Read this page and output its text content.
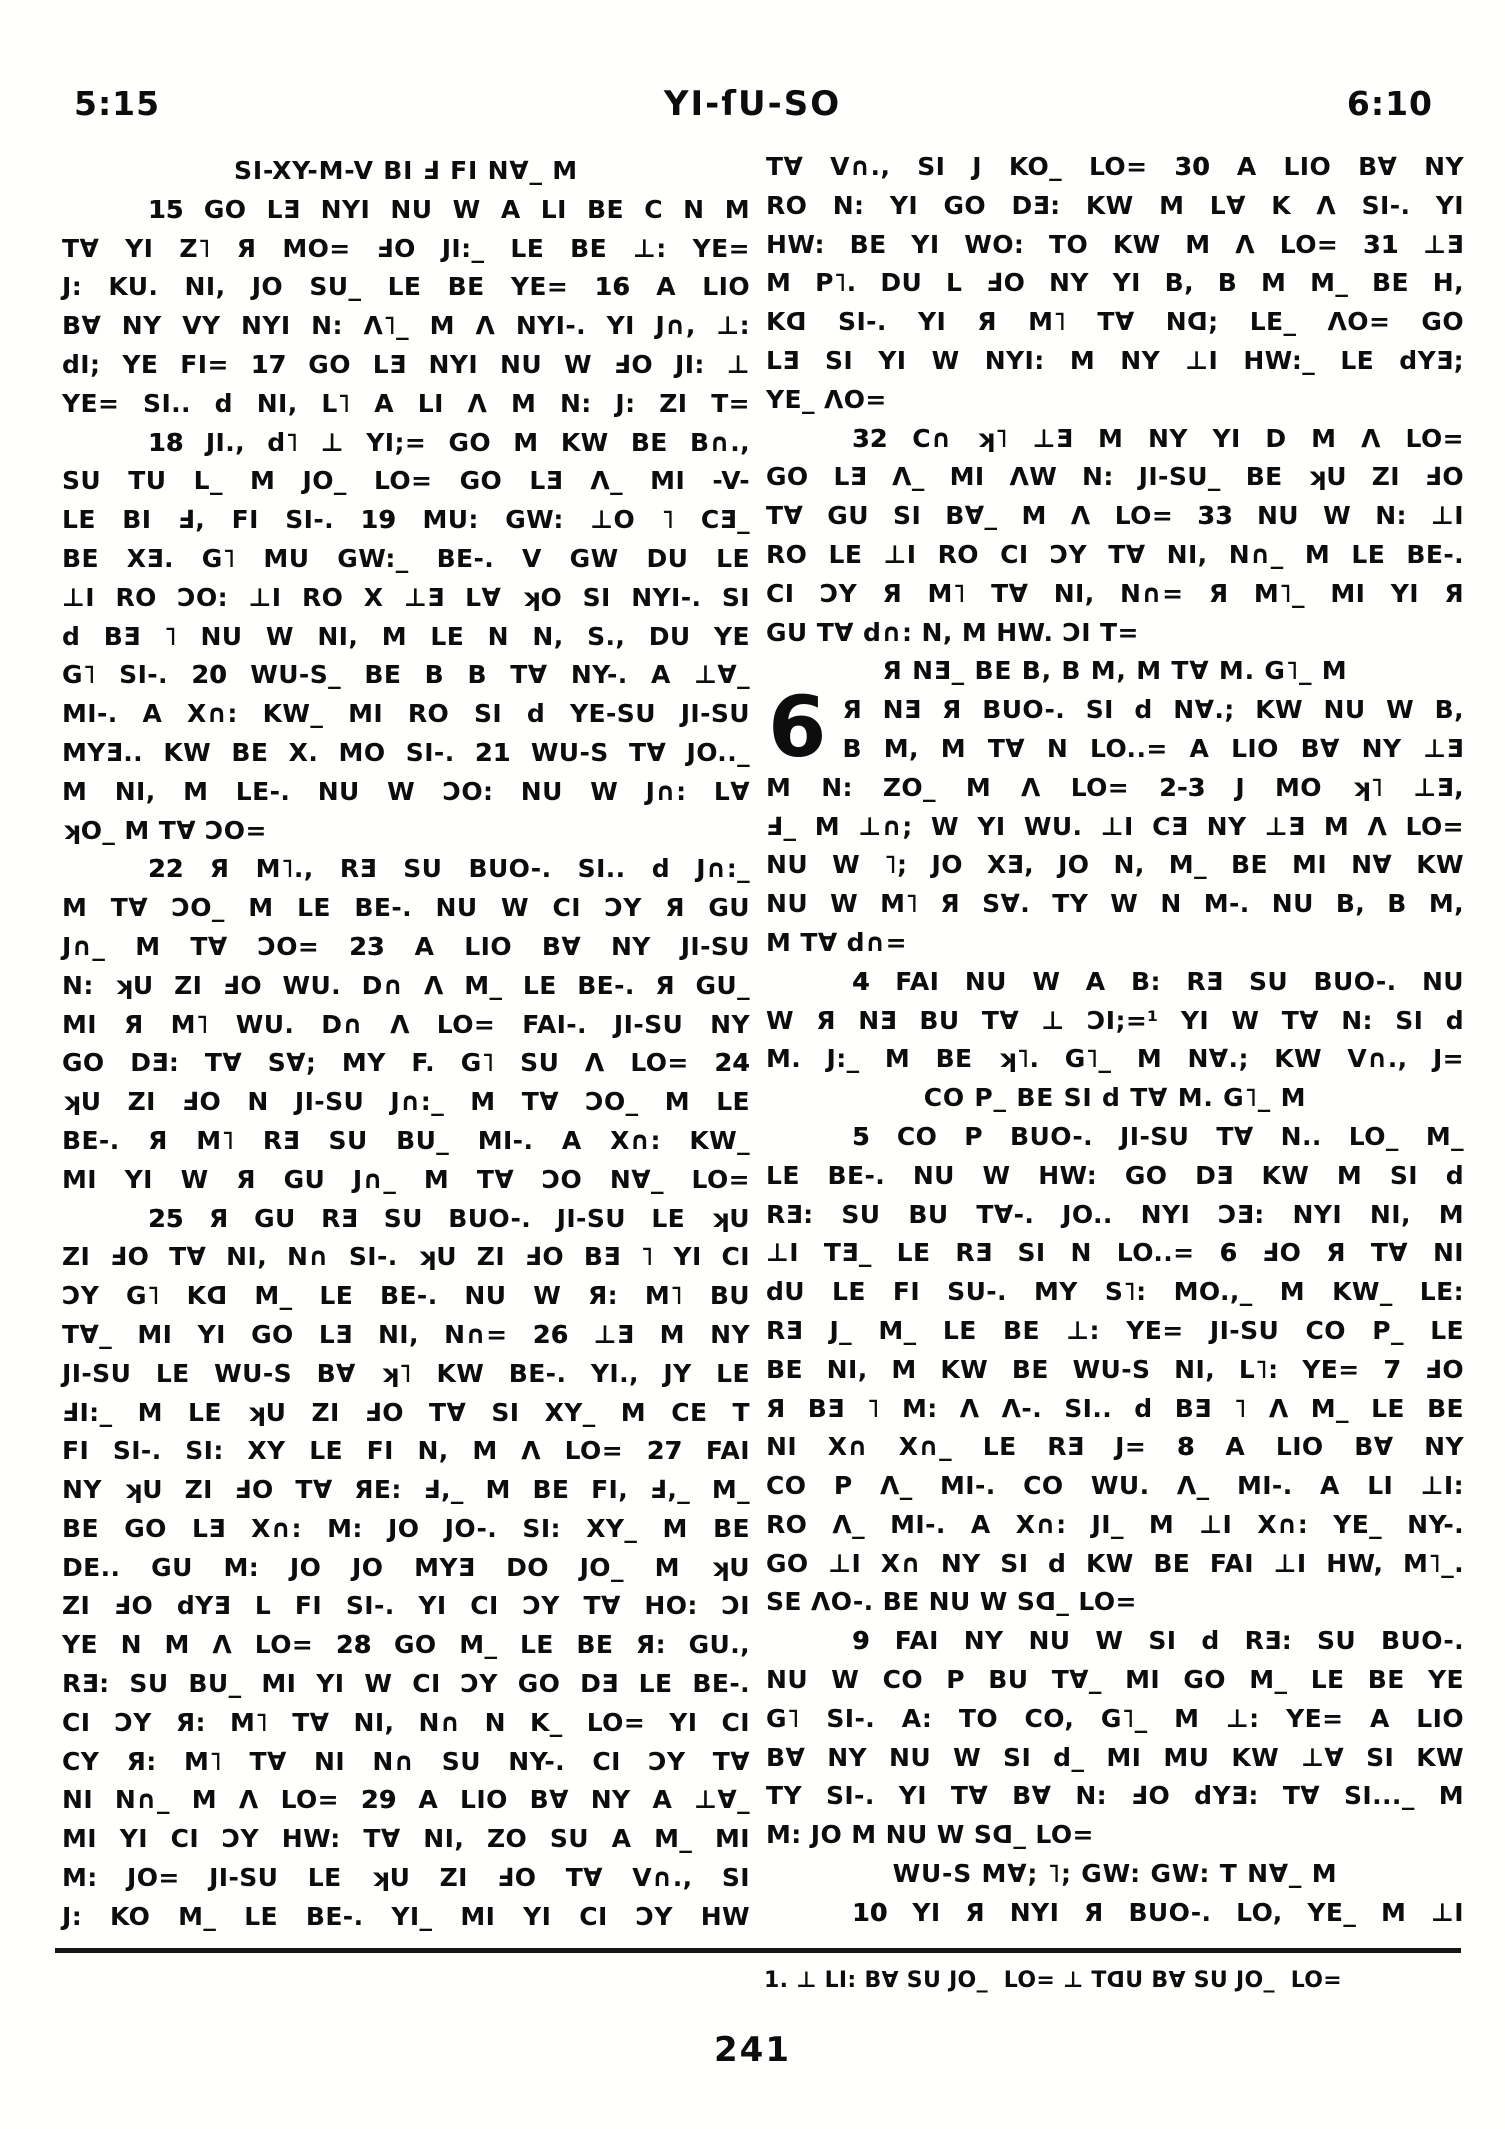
5:15	YI-ſU-SO	6:10
SI-XY-M-V BI Ⅎ FI N∀_ M
15 GO LƎ NYI NU W A LI BE C N M
T∀ YI Z˥ Я MO= ℲO JI:_ LE BE ⊥: YE=
J: KU. NI, JO SU_ LE BE YE= 16 A LIO
B∀ NY VY NYI N: Λ˥_ M Λ NYI-. YI J∩, ⊥:
dI; YE FI= 17 GO LƎ NYI NU W ℲO JI: ⊥
YE= SI.. d NI, L˥ A LI Λ M N: J: ZI T=
18 JI., d˥ ⊥ YI;= GO M KW BE B∩.,
SU TU L_ M JO_ LO= GO LƎ Λ_ MI -V-
LE BI Ⅎ, FI SI-. 19 MU: GW: ⊥O ˥ CƎ_
BE XƎ. G˥ MU GW:_ BE-. V GW DU LE
⊥I RO ƆO: ⊥I RO X ⊥Ǝ L∀ ʞO SI NYI-. SI
d BƎ ˥ NU W NI, M LE N N, S., DU YE
G˥ SI-. 20 WU-S_ BE B B T∀ NY-. A ⊥∀_
MI-. A X∩: KW_ MI RO SI d YE-SU JI-SU
MYƎ.. KW BE X. MO SI-. 21 WU-S T∀ JO.._
M NI, M LE-. NU W ƆO: NU W J∩: L∀
ʞO_ M T∀ ƆO=
22 Я M˥., RƎ SU BUO-. SI.. d J∩:_
M T∀ ƆO_ M LE BE-. NU W CI ƆY Я GU
J∩_ M T∀ ƆO= 23 A LIO B∀ NY JI-SU
N: ʞU ZI ℲO WU. D∩ Λ M_ LE BE-. Я GU_
MI Я M˥ WU. D∩ Λ LO= FAI-. JI-SU NY
GO DƎ: T∀ S∀; MY F. G˥ SU Λ LO= 24
ʞU ZI ℲO N JI-SU J∩:_ M T∀ ƆO_ M LE
BE-. Я M˥ RƎ SU BU_ MI-. A X∩: KW_
MI YI W Я GU J∩_ M T∀ ƆO N∀_ LO=
25 Я GU RƎ SU BUO-. JI-SU LE ʞU
ZI ℲO T∀ NI, N∩ SI-. ʞU ZI ℲO BƎ ˥ YI CI
ƆY G˥ Kᗡ M_ LE BE-. NU W Я: M˥ BU
T∀_ MI YI GO LƎ NI, N∩= 26 ⊥Ǝ M NY
JI-SU LE WU-S B∀ ʞ˥ KW BE-. YI., JY LE
ℲI:_ M LE ʞU ZI ℲO T∀ SI XY_ M CE T
FI SI-. SI: XY LE FI N, M Λ LO= 27 FAI
NY ʞU ZI ℲO T∀ ЯE: Ⅎ,_ M BE FI, Ⅎ,_ M_
BE GO LƎ X∩: M: JO JO-. SI: XY_ M BE
DE.. GU M: JO JO MYƎ DO JO_ M ʞU
ZI ℲO dYƎ L FI SI-. YI CI ƆY T∀ HO: ƆI
YE N M Λ LO= 28 GO M_ LE BE Я: GU.,
RƎ: SU BU_ MI YI W CI ƆY GO DƎ LE BE-.
CI ƆY Я: M˥ T∀ NI, N∩ N K_ LO= YI CI
CY Я: M˥ T∀ NI N∩ SU NY-. CI ƆY T∀
NI N∩_ M Λ LO= 29 A LIO B∀ NY A ⊥∀_
MI YI CI ƆY HW: T∀ NI, ZO SU A M_ MI
M: JO= JI-SU LE ʞU ZI ℲO T∀ V∩., SI
J: KO M_ LE BE-. YI_ MI YI CI ƆY HW
T∀ V∩., SI J KO_ LO= 30 A LIO B∀ NY
RO N: YI GO DƎ: KW M L∀ K Λ SI-. YI
HW: BE YI WO: TO KW M Λ LO= 31 ⊥Ǝ
M P˥. DU L ℲO NY YI B, B M M_ BE H,
Kᗡ SI-. YI Я M˥ T∀ Nᗡ; LE_ ΛO= GO
LƎ SI YI W NYI: M NY ⊥I HW:_ LE dYƎ;
YE_ ΛO=
32 C∩ ʞ˥ ⊥Ǝ M NY YI D M Λ LO=
GO LƎ Λ_ MI ΛW N: JI-SU_ BE ʞU ZI ℲO
T∀ GU SI B∀_ M Λ LO= 33 NU W N: ⊥I
RO LE ⊥I RO CI ƆY T∀ NI, N∩_ M LE BE-.
CI ƆY Я M˥ T∀ NI, N∩= Я M˥_ MI YI Я
GU T∀ d∩: N, M HW. ƆI T=
Я NƎ_ BE B, B M, M T∀ M. G˥_ M
6 Я NƎ Я BUO-. SI d N∀.; KW NU W B,
B M, M T∀ N LO..= A LIO B∀ NY ⊥Ǝ
M N: ZO_ M Λ LO= 2-3 J MO ʞ˥ ⊥Ǝ,
Ⅎ_ M ⊥∩; W YI WU. ⊥I CƎ NY ⊥Ǝ M Λ LO=
NU W ˥; JO XƎ, JO N, M_ BE MI N∀ KW
NU W M˥ Я S∀. TY W N M-. NU B, B M,
M T∀ d∩=
4 FAI NU W A B: RƎ SU BUO-. NU
W Я NƎ BU T∀ ⊥ ƆI;=¹ YI W T∀ N: SI d
M. J:_ M BE ʞ˥. G˥_ M N∀.; KW V∩., J=
CO P_ BE SI d T∀ M. G˥_ M
5 CO P BUO-. JI-SU T∀ N.. LO_ M_
LE BE-. NU W HW: GO DƎ KW M SI d
RƎ: SU BU T∀-. JO.. NYI ƆƎ: NYI NI, M
⊥I TƎ_ LE RƎ SI N LO..= 6 ℲO Я T∀ NI
dU LE FI SU-. MY S˥: MO.,_ M KW_ LE:
RƎ J_ M_ LE BE ⊥: YE= JI-SU CO P_ LE
BE NI, M KW BE WU-S NI, L˥: YE= 7 ℲO
Я BƎ ˥ M: Λ Λ-. SI.. d BƎ ˥ Λ M_ LE BE
NI X∩ X∩_ LE RƎ J= 8 A LIO B∀ NY
CO P Λ_ MI-. CO WU. Λ_ MI-. A LI ⊥I:
RO Λ_ MI-. A X∩: JI_ M ⊥I X∩: YE_ NY-.
GO ⊥I X∩ NY SI d KW BE FAI ⊥I HW, M˥_.
SE ΛO-. BE NU W Sᗡ_ LO=
9 FAI NY NU W SI d RƎ: SU BUO-.
NU W CO P BU T∀_ MI GO M_ LE BE YE
G˥ SI-. A: TO CO, G˥_ M ⊥: YE= A LIO
B∀ NY NU W SI d_ MI MU KW ⊥∀ SI KW
TY SI-. YI T∀ B∀ N: ℲO dYƎ: T∀ SI..._ M
M: JO M NU W Sᗡ_ LO=
WU-S M∀; ˥; GW: GW: T N∀_ M
10 YI Я NYI Я BUO-. LO, YE_ M ⊥I
1. ⊥ LI: B∀ SU JO_  LO= ⊥ TᗡU B∀ SU JO_  LO=
241
